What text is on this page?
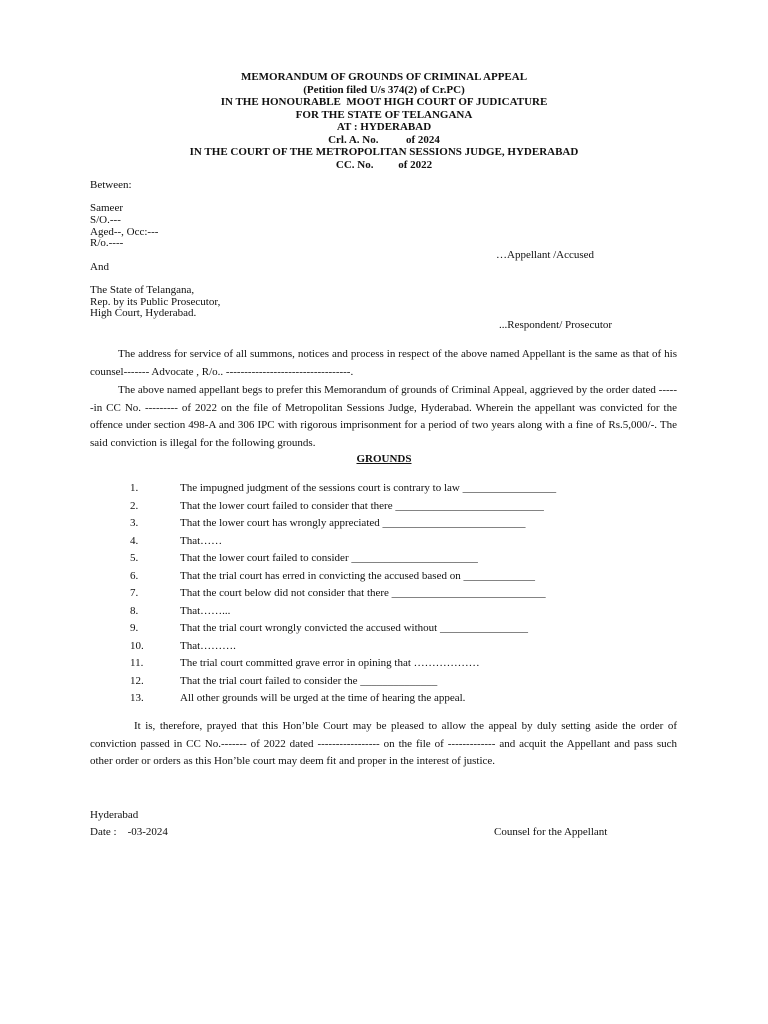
MEMORANDUM OF GROUNDS OF CRIMINAL APPEAL
(Petition filed U/s 374(2) of Cr.PC)
IN THE HONOURABLE  MOOT HIGH COURT OF JUDICATURE
FOR THE STATE OF TELANGANA
AT : HYDERABAD
Crl. A. No.          of 2024
IN THE COURT OF THE METROPOLITAN SESSIONS JUDGE, HYDERABAD
CC. No.         of 2022
Between:
Sameer
S/O.---
Aged--, Occ:---
R/o.----
…Appellant /Accused
And
The State of Telangana,
Rep. by its Public Prosecutor,
High Court, Hyderabad.
...Respondent/ Prosecutor
The address for service of all summons, notices and process in respect of the above named Appellant is the same as that of his counsel------- Advocate , R/o.. ----------------------------------.
The above named appellant begs to prefer this Memorandum of grounds of Criminal Appeal, aggrieved by the order dated ------in CC No. --------- of 2022 on the file of Metropolitan Sessions Judge, Hyderabad. Wherein the appellant was convicted for the offence under section 498-A and 306 IPC with rigorous imprisonment for a period of two years along with a fine of Rs.5,000/-. The said conviction is illegal for the following grounds.
GROUNDS
1.	The impugned judgment of the sessions court is contrary to law _________________
2.	That the lower court failed to consider that there ___________________________
3.	That the lower court has wrongly appreciated __________________________
4.	That……
5.	That the lower court failed to consider _______________________
6.	That the trial court has erred in convicting the accused based on _____________
7.	That the court below did not consider that there ____________________________
8.	That……...
9.	That the trial court wrongly convicted the accused without ________________
10.	That……….
11.	The trial court committed grave error in opining that ………………
12.	That the trial court failed to consider the ______________
13.	All other grounds will be urged at the time of hearing the appeal.
It is, therefore, prayed that this Hon’ble Court may be pleased to allow the appeal by duly setting aside the order of conviction passed in CC No.------- of 2022 dated ----------------- on the file of ------------- and acquit the Appellant and pass such other order or orders as this Hon’ble court may deem fit and proper in the interest of justice.
Hyderabad
Date :    -03-2024	Counsel for the Appellant
